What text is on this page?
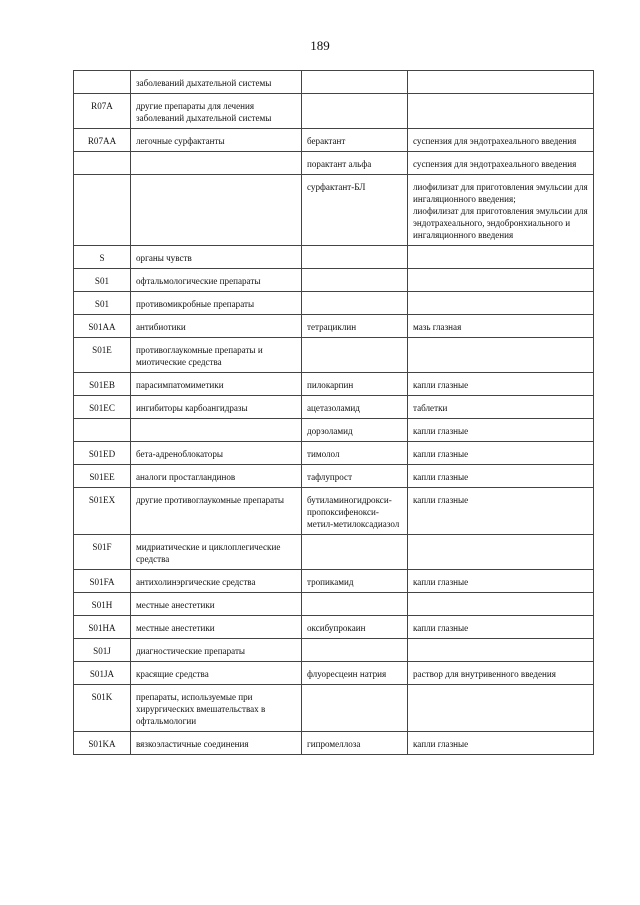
189
	заболеваний дыхательной системы		
R07A	другие препараты для лечения заболеваний дыхательной системы		
R07AA	легочные сурфактанты	берактант	суспензия для эндотрахеального введения
		порактант альфа	суспензия для эндотрахеального введения
		сурфактант-БЛ	лиофилизат для приготовления эмульсии для ингаляционного введения;
лиофилизат для приготовления эмульсии для эндотрахеального, эндобронхиального и ингаляционного введения
S	органы чувств		
S01	офтальмологические препараты		
S01	противомикробные препараты		
S01AA	антибиотики	тетрациклин	мазь глазная
S01E	противоглаукомные препараты и миотические средства		
S01EB	парасимпатомиметики	пилокарпин	капли глазные
S01EC	ингибиторы карбоангидразы	ацетазоламид	таблетки
		дорзоламид	капли глазные
S01ED	бета-адреноблокаторы	тимолол	капли глазные
S01EE	аналоги простагландинов	тафлупрост	капли глазные
S01EX	другие противоглаукомные препараты	бутиламиногидрокси-пропоксифенокси-метил-метилоксадиазол	капли глазные
S01F	мидриатические и циклоплегические средства		
S01FA	антихолинэргические средства	тропикамид	капли глазные
S01H	местные анестетики		
S01HA	местные анестетики	оксибупрокаин	капли глазные
S01J	диагностические препараты		
S01JA	красящие средства	флуоресцеин натрия	раствор для внутривенного введения
S01K	препараты, используемые при хирургических вмешательствах в офтальмологии		
S01KA	вязкоэластичные соединения	гипромеллоза	капли глазные
